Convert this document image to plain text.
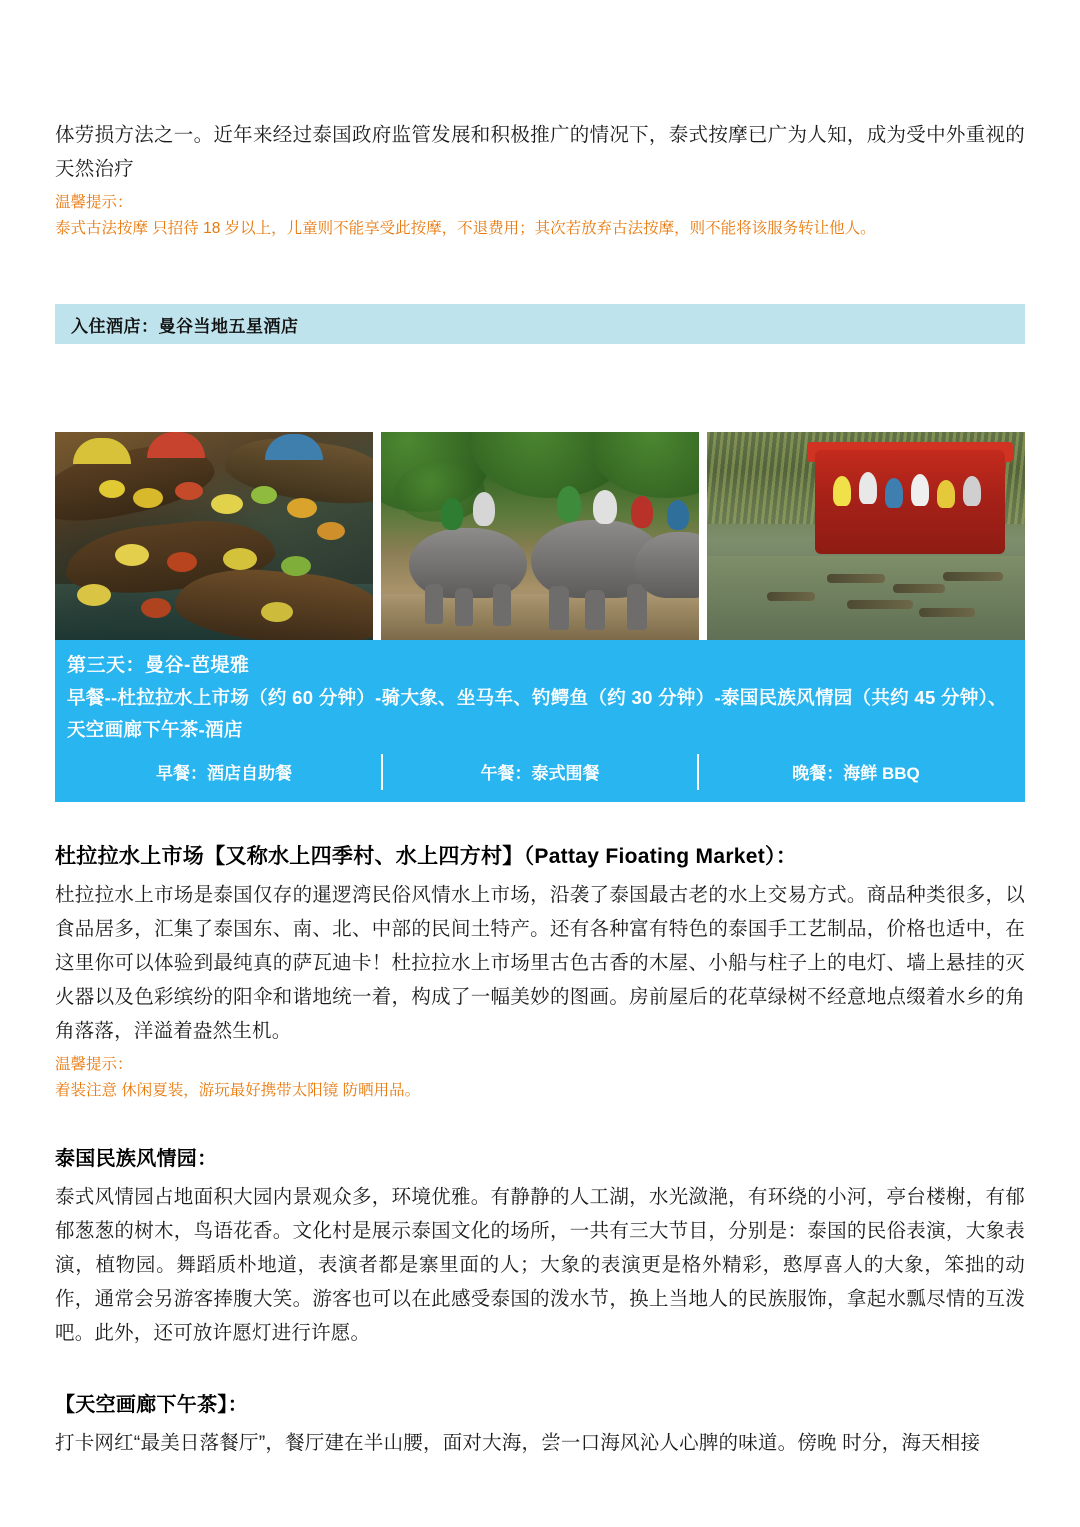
体劳损方法之一。近年来经过泰国政府监管发展和积极推广的情况下，泰式按摩已广为人知，成为受中外重视的天然治疗
温馨提示：
泰式古法按摩 只招待 18 岁以上，儿童则不能享受此按摩，不退费用；其次若放弃古法按摩，则不能将该服务转让他人。
入住酒店：曼谷当地五星酒店
第三天：曼谷-芭堤雅
早餐--杜拉拉水上市场（约 60 分钟）-骑大象、坐马车、钓鳄鱼（约 30 分钟）-泰国民族风情园（共约 45 分钟）、天空画廊下午茶-酒店
早餐：酒店自助餐	午餐：泰式围餐	晚餐：海鲜 BBQ
杜拉拉水上市场【又称水上四季村、水上四方村】（Pattay Fioating Market）：
杜拉拉水上市场是泰国仅存的暹逻湾民俗风情水上市场，沿袭了泰国最古老的水上交易方式。商品种类很多，以食品居多，汇集了泰国东、南、北、中部的民间土特产。还有各种富有特色的泰国手工艺制品，价格也适中，在这里你可以体验到最纯真的萨瓦迪卡！杜拉拉水上市场里古色古香的木屋、小船与柱子上的电灯、墙上悬挂的灭火器以及色彩缤纷的阳伞和谐地统一着，构成了一幅美妙的图画。房前屋后的花草绿树不经意地点缀着水乡的角角落落，洋溢着盎然生机。
温馨提示：
着装注意 休闲夏装，游玩最好携带太阳镜 防晒用品。
泰国民族风情园：
泰式风情园占地面积大园内景观众多，环境优雅。有静静的人工湖，水光潋滟，有环绕的小河，亭台楼榭，有郁郁葱葱的树木，鸟语花香。文化村是展示泰国文化的场所，一共有三大节目，分别是：泰国的民俗表演，大象表演，植物园。舞蹈质朴地道，表演者都是寨里面的人；大象的表演更是格外精彩，憨厚喜人的大象，笨拙的动作，通常会另游客捧腹大笑。游客也可以在此感受泰国的泼水节，换上当地人的民族服饰，拿起水瓢尽情的互泼吧。此外，还可放许愿灯进行许愿。
【天空画廊下午茶】：
打卡网红“最美日落餐厅”，餐厅建在半山腰，面对大海，尝一口海风沁人心脾的味道。傍晚 时分，海天相接
